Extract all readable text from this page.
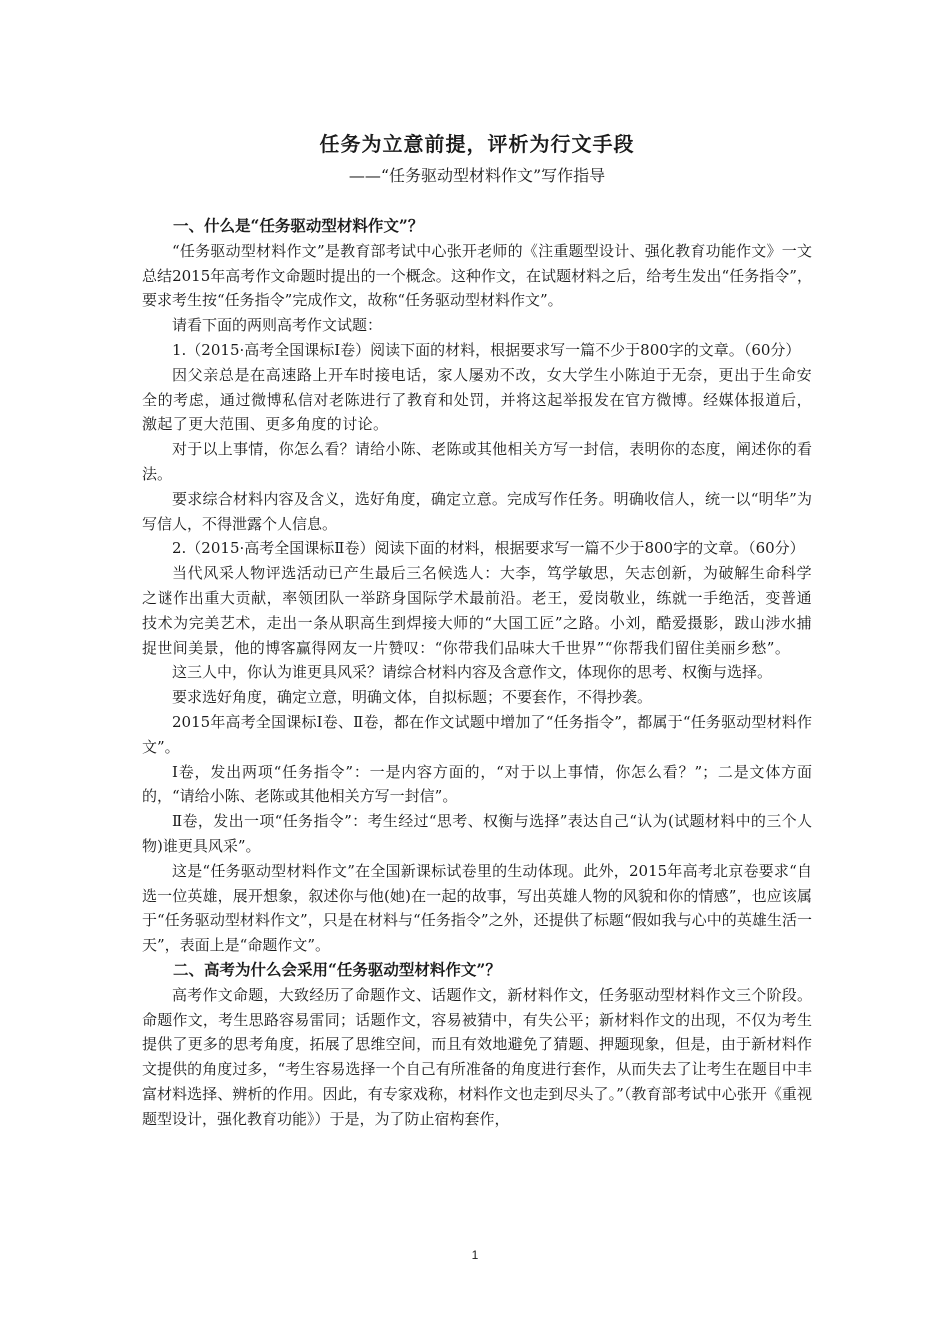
任务为立意前提，评析为行文手段
——“任务驱动型材料作文”写作指导

一、什么是“任务驱动型材料作文”？

“任务驱动型材料作文”是教育部考试中心张开老师的《注重题型设计、强化教育功能作文》一文总结2015年高考作文命题时提出的一个概念。这种作文，在试题材料之后，给考生发出“任务指令”，要求考生按“任务指令”完成作文，故称“任务驱动型材料作文”。

请看下面的两则高考作文试题：

1.（2015·高考全国课标Ⅰ卷）阅读下面的材料，根据要求写一篇不少于800字的文章。（60分）

因父亲总是在高速路上开车时接电话，家人屡劝不改，女大学生小陈迫于无奈，更出于生命安全的考虑，通过微博私信对老陈进行了教育和处罚，并将这起举报发在官方微博。经媒体报道后，激起了更大范围、更多角度的讨论。

对于以上事情，你怎么看？请给小陈、老陈或其他相关方写一封信，表明你的态度，阐述你的看法。

要求综合材料内容及含义，选好角度，确定立意。完成写作任务。明确收信人，统一以“明华”为写信人，不得泄露个人信息。

2.（2015·高考全国课标Ⅱ卷）阅读下面的材料，根据要求写一篇不少于800字的文章。（60分）

当代风采人物评选活动已产生最后三名候选人：大李，笃学敏思，矢志创新，为破解生命科学之谜作出重大贡献，率领团队一举跻身国际学术最前沿。老王，爱岗敬业，练就一手绝活，变普通技术为完美艺术，走出一条从职高生到焊接大师的“大国工匠”之路。小刘，酷爱摄影，跋山涉水捕捉世间美景，他的博客赢得网友一片赞叹：“你带我们品味大千世界”“你帮我们留住美丽乡愁”。

这三人中，你认为谁更具风采？请综合材料内容及含意作文，体现你的思考、权衡与选择。

要求选好角度，确定立意，明确文体，自拟标题；不要套作，不得抄袭。

2015年高考全国课标Ⅰ卷、Ⅱ卷，都在作文试题中增加了“任务指令”，都属于“任务驱动型材料作文”。

Ⅰ卷，发出两项“任务指令”：一是内容方面的，“对于以上事情，你怎么看？”；二是文体方面的，“请给小陈、老陈或其他相关方写一封信”。

Ⅱ卷，发出一项“任务指令”：考生经过“思考、权衡与选择”表达自己“认为(试题材料中的三个人物)谁更具风采”。

这是“任务驱动型材料作文”在全国新课标试卷里的生动体现。此外，2015年高考北京卷要求“自选一位英雄，展开想象，叙述你与他(她)在一起的故事，写出英雄人物的风貌和你的情感”，也应该属于“任务驱动型材料作文”，只是在材料与“任务指令”之外，还提供了标题“假如我与心中的英雄生活一天”，表面上是“命题作文”。

二、高考为什么会采用“任务驱动型材料作文”？

高考作文命题，大致经历了命题作文、话题作文，新材料作文，任务驱动型材料作文三个阶段。命题作文，考生思路容易雷同；话题作文，容易被猜中，有失公平；新材料作文的出现，不仅为考生提供了更多的思考角度，拓展了思维空间，而且有效地避免了猜题、押题现象，但是，由于新材料作文提供的角度过多，“考生容易选择一个自己有所准备的角度进行套作，从而失去了让考生在题目中丰富材料选择、辨析的作用。因此，有专家戏称，材料作文也走到尽头了。”（教育部考试中心张开《重视题型设计，强化教育功能》）于是，为了防止宿构套作，

1
